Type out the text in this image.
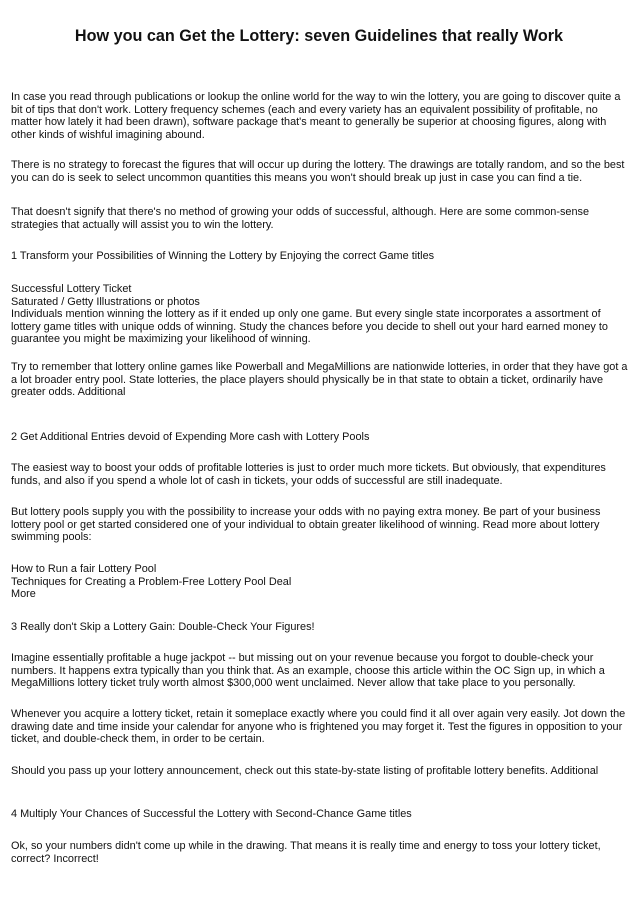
How you can Get the Lottery: seven Guidelines that really Work

In case you read through publications or lookup the online world for the way to win the lottery, you are going to discover quite a
bit of tips that don't work. Lottery frequency schemes (each and every variety has an equivalent possibility of profitable, no
matter how lately it had been drawn), software package that's meant to generally be superior at choosing figures, along with
other kinds of wishful imagining abound.

There is no strategy to forecast the figures that will occur up during the lottery. The drawings are totally random, and so the best
you can do is seek to select uncommon quantities this means you won't should break up just in case you can find a tie.

That doesn't signify that there's no method of growing your odds of successful, although. Here are some common-sense
strategies that actually will assist you to win the lottery.

1 Transform your Possibilities of Winning the Lottery by Enjoying the correct Game titles

Successful Lottery Ticket
Saturated / Getty Illustrations or photos
Individuals mention winning the lottery as if it ended up only one game. But every single state incorporates a assortment of
lottery game titles with unique odds of winning. Study the chances before you decide to shell out your hard earned money to
guarantee you might be maximizing your likelihood of winning.

Try to remember that lottery online games like Powerball and MegaMillions are nationwide lotteries, in order that they have got a
a lot broader entry pool. State lotteries, the place players should physically be in that state to obtain a ticket, ordinarily have
greater odds. Additional

2 Get Additional Entries devoid of Expending More cash with Lottery Pools

The easiest way to boost your odds of profitable lotteries is just to order much more tickets. But obviously, that expenditures
funds, and also if you spend a whole lot of cash in tickets, your odds of successful are still inadequate.

But lottery pools supply you with the possibility to increase your odds with no paying extra money. Be part of your business
lottery pool or get started considered one of your individual to obtain greater likelihood of winning. Read more about lottery
swimming pools:

How to Run a fair Lottery Pool
Techniques for Creating a Problem-Free Lottery Pool Deal
More

3 Really don't Skip a Lottery Gain: Double-Check Your Figures!

Imagine essentially profitable a huge jackpot -- but missing out on your revenue because you forgot to double-check your
numbers. It happens extra typically than you think that. As an example, choose this article within the OC Sign up, in which a
MegaMillions lottery ticket truly worth almost $300,000 went unclaimed. Never allow that take place to you personally.

Whenever you acquire a lottery ticket, retain it someplace exactly where you could find it all over again very easily. Jot down the
drawing date and time inside your calendar for anyone who is frightened you may forget it. Test the figures in opposition to your
ticket, and double-check them, in order to be certain.

Should you pass up your lottery announcement, check out this state-by-state listing of profitable lottery benefits. Additional

4 Multiply Your Chances of Successful the Lottery with Second-Chance Game titles

Ok, so your numbers didn't come up while in the drawing. That means it is really time and energy to toss your lottery ticket,
correct? Incorrect!
